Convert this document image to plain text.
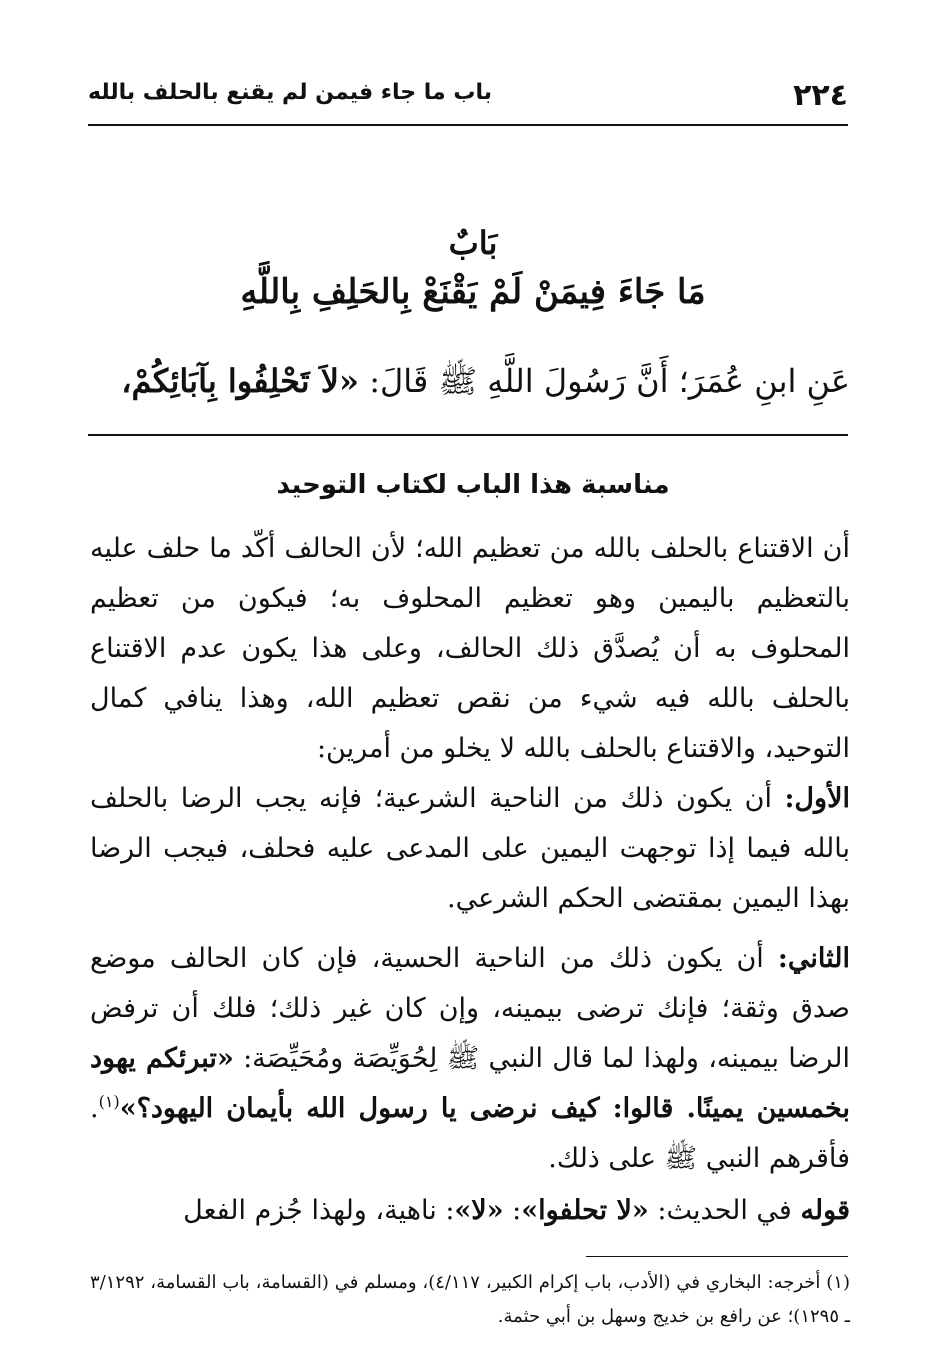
٢٢٤
باب ما جاء فيمن لم يقنع بالحلف بالله
بَابٌ
مَا جَاءَ فِيمَنْ لَمْ يَقْنَعْ بِالحَلِفِ بِاللَّهِ
عَنِ ابنِ عُمَرَ؛ أَنَّ رَسُولَ اللَّهِ ﷺ قَالَ: «لاَ تَحْلِفُوا بِآبَائِكُمْ،
مناسبة هذا الباب لكتاب التوحيد

أن الاقتناع بالحلف بالله من تعظيم الله؛ لأن الحالف أكّد ما حلف عليه بالتعظيم باليمين وهو تعظيم المحلوف به؛ فيكون من تعظيم المحلوف به أن يُصدَّق ذلك الحالف، وعلى هذا يكون عدم الاقتناع بالحلف بالله فيه شيء من نقص تعظيم الله، وهذا ينافي كمال التوحيد، والاقتناع بالحلف بالله لا يخلو من أمرين:

الأول: أن يكون ذلك من الناحية الشرعية؛ فإنه يجب الرضا بالحلف بالله فيما إذا توجهت اليمين على المدعى عليه فحلف، فيجب الرضا بهذا اليمين بمقتضى الحكم الشرعي.

الثاني: أن يكون ذلك من الناحية الحسية، فإن كان الحالف موضع صدق وثقة؛ فإنك ترضى بيمينه، وإن كان غير ذلك؛ فلك أن ترفض الرضا بيمينه، ولهذا لما قال النبي ﷺ لِحُوَيِّصَة ومُحَيِّصَة: «تبرئكم يهود بخمسين يمينًا. قالوا: كيف نرضى يا رسول الله بأيمان اليهود؟»$^{(١)}$. فأقرهم النبي ﷺ على ذلك.

قوله في الحديث: «لا تحلفوا»: «لا»: ناهية، ولهذا جُزم الفعل

(١) أخرجه: البخاري في (الأدب، باب إكرام الكبير، ٤/١١٧)، ومسلم في (القسامة، باب القسامة، ٣/١٢٩٢ ـ ١٢٩٥)؛ عن رافع بن خديج وسهل بن أبي حثمة.
